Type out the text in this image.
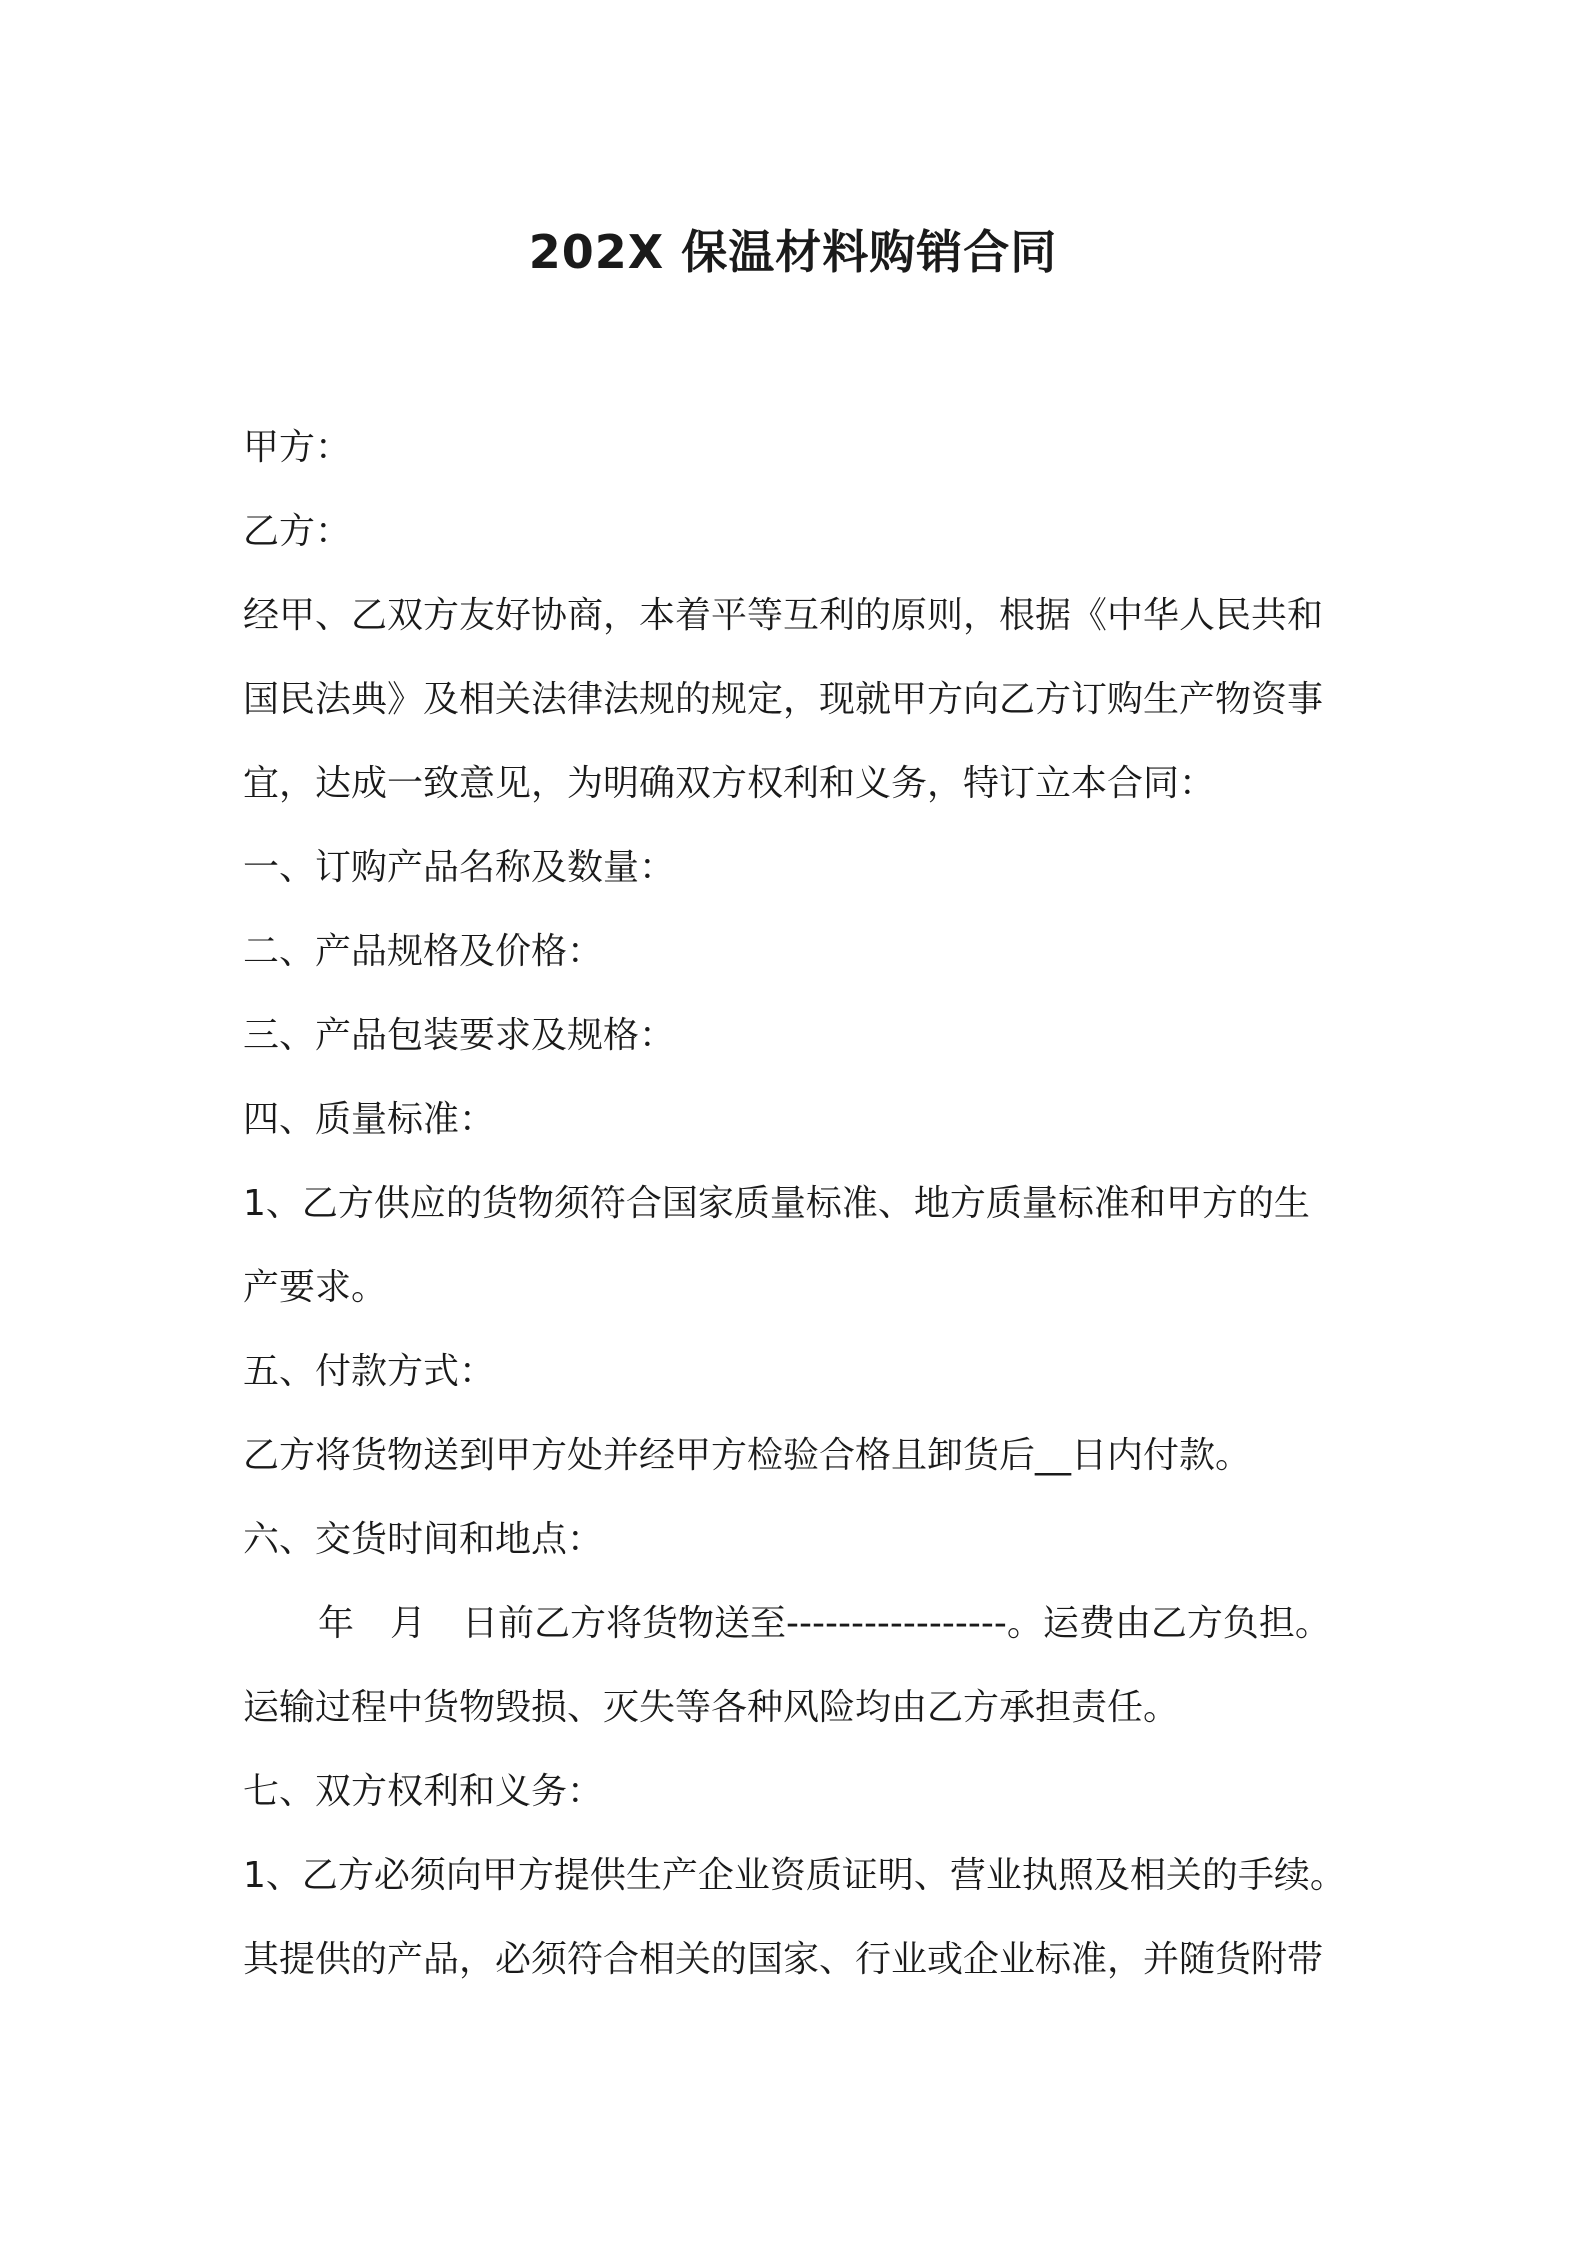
202X 保温材料购销合同

甲方：

乙方：

经甲、乙双方友好协商，本着平等互利的原则，根据《中华人民共和

国民法典》及相关法律法规的规定，现就甲方向乙方订购生产物资事

宜，达成一致意见，为明确双方权利和义务，特订立本合同：

一、订购产品名称及数量：

二、产品规格及价格：

三、产品包装要求及规格：

四、质量标准：

1、乙方供应的货物须符合国家质量标准、地方质量标准和甲方的生

产要求。

五、付款方式：

乙方将货物送到甲方处并经甲方检验合格且卸货后__日内付款。

六、交货时间和地点：

年　月　日前乙方将货物送至-----------------。运费由乙方负担。

运输过程中货物毁损、灭失等各种风险均由乙方承担责任。

七、双方权利和义务：

1、乙方必须向甲方提供生产企业资质证明、营业执照及相关的手续。

其提供的产品，必须符合相关的国家、行业或企业标准，并随货附带
